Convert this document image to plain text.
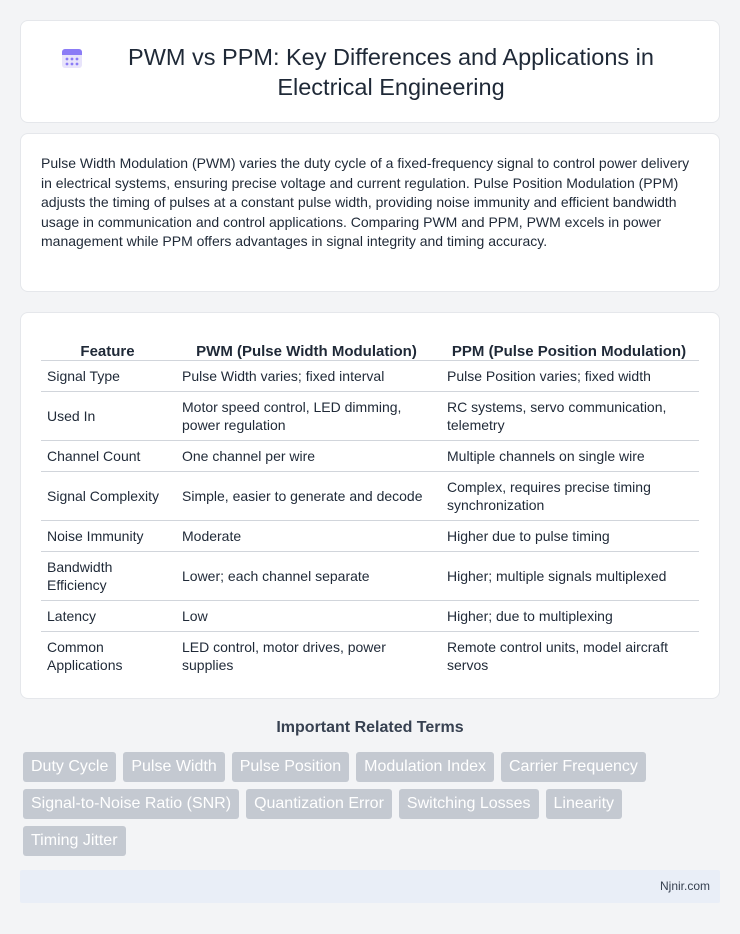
PWM vs PPM: Key Differences and Applications in Electrical Engineering

Pulse Width Modulation (PWM) varies the duty cycle of a fixed-frequency signal to control power delivery in electrical systems, ensuring precise voltage and current regulation. Pulse Position Modulation (PPM) adjusts the timing of pulses at a constant pulse width, providing noise immunity and efficient bandwidth usage in communication and control applications. Comparing PWM and PPM, PWM excels in power management while PPM offers advantages in signal integrity and timing accuracy.

Feature	PWM (Pulse Width Modulation)	PPM (Pulse Position Modulation)
Signal Type	Pulse Width varies; fixed interval	Pulse Position varies; fixed width
Used In	Motor speed control, LED dimming, power regulation	RC systems, servo communication, telemetry
Channel Count	One channel per wire	Multiple channels on single wire
Signal Complexity	Simple, easier to generate and decode	Complex, requires precise timing synchronization
Noise Immunity	Moderate	Higher due to pulse timing
Bandwidth Efficiency	Lower; each channel separate	Higher; multiple signals multiplexed
Latency	Low	Higher; due to multiplexing
Common Applications	LED control, motor drives, power supplies	Remote control units, model aircraft servos
Important Related Terms
Duty Cycle	Pulse Width	Pulse Position	Modulation Index	Carrier Frequency
Signal-to-Noise Ratio (SNR)	Quantization Error	Switching Losses	Linearity
Timing Jitter
Njnir.com
